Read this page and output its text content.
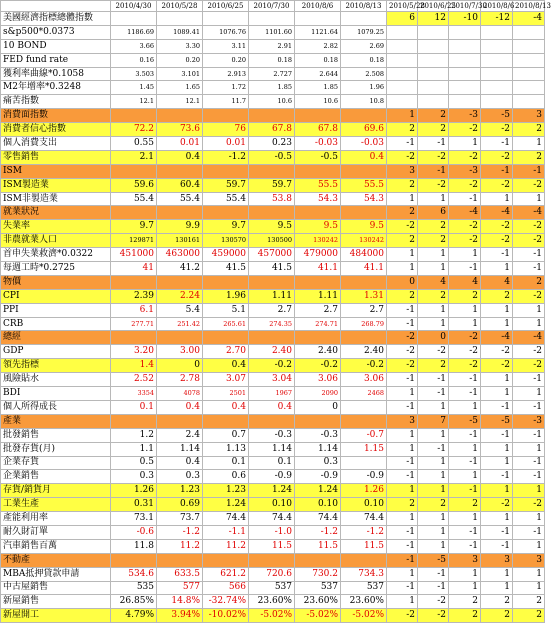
	2010/4/30	2010/5/28	2010/6/25	2010/7/30	2010/8/6	2010/8/13	2010/5/28	2010/6/25	2010/7/30	2010/8/6	2010/8/13
美國經濟指標總體指數							6	12	-10	-12	-4
s&p500*0.0373	1186.69	1089.41	1076.76	1101.60	1121.64	1079.25					
10 BOND	3.66	3.30	3.11	2.91	2.82	2.69					
FED fund rate	0.16	0.20	0.20	0.18	0.18	0.18					
獲利率曲線*0.1058	3.503	3.101	2.913	2.727	2.644	2.508					
M2年增率*0.3248	1.45	1.65	1.72	1.85	1.85	1.96					
痛苦指數	12.1	12.1	11.7	10.6	10.6	10.8					
消費面指數							1	2	-3	-5	3
消費者信心指數	72.2	73.6	76	67.8	67.8	69.6	2	2	-2	-2	2
個人消費支出	0.55	0.01	0.01	0.23	-0.03	-0.03	-1	-1	1	-1	1
零售銷售	2.1	0.4	-1.2	-0.5	-0.5	0.4	-2	-2	-2	-2	2
ISM							3	-1	-3	-1	-1
ISM製造業	59.6	60.4	59.7	59.7	55.5	55.5	2	-2	-2	-2	-2
ISM非製造業	55.4	55.4	55.4	53.8	54.3	54.3	1	1	-1	1	1
就業狀況							2	6	-4	-4	-4
失業率	9.7	9.9	9.7	9.5	9.5	9.5	-2	2	-2	-2	-2
非農就業人口	129871	130161	130570	130500	130242	130242	2	2	-2	-2	-2
首申失業救濟*0.0322	451000	463000	459000	457000	479000	484000	1	1	1	-1	-1
每週工時*0.2725	41	41.2	41.5	41.5	41.1	41.1	1	1	-1	1	-1
物價							0	4	4	4	2
CPI	2.39	2.24	1.96	1.11	1.11	1.31	2	2	2	2	-2
PPI	6.1	5.4	5.1	2.7	2.7	2.7	-1	1	1	1	1
CRB	277.71	251.42	265.61	274.35	274.71	268.79	-1	1	1	1	1
總經							-2	0	-2	-4	-4
GDP	3.20	3.00	2.70	2.40	2.40	2.40	-2	-2	-2	-2	-2
領先指標	1.4	0	0.4	-0.2	-0.2	-0.2	-2	2	-2	-2	-2
風險貼水	2.52	2.78	3.07	3.04	3.06	3.06	-1	-1	-1	1	-1
BDI	3354	4078	2501	1967	2090	2468	1	-1	-1	1	1
個人所得成長	0.1	0.4	0.4	0.4	0		-1	1	1	-1	-1
產業							3	7	-5	-5	-3
批發銷售	1.2	2.4	0.7	-0.3	-0.3	-0.7	1	1	-1	-1	-1
批發存貨(月)	1.1	1.14	1.13	1.14	1.14	1.15	1	-1	1	1	1
企業存貨	0.5	0.4	0.1	0.1	0.3		-1	1	-1	1	-1
企業銷售	0.3	0.3	0.6	-0.9	-0.9	-0.9	-1	1	1	-1	-1
存貨/銷貨月	1.26	1.23	1.23	1.24	1.24	1.26	1	1	-1	1	1
工業生產	0.31	0.69	1.24	0.10	0.10	0.10	2	2	2	-2	-2
產能利用率	73.1	73.7	74.4	74.4	74.4	74.4	1	1	1	1	1
耐久財訂單	-0.6	-1.2	-1.1	-1.0	-1.2	-1.2	-1	1	-1	-1	-1
汽車銷售百萬	11.8	11.2	11.2	11.5	11.5	11.5	-1	1	-1	-1	1
不動產							-1	-5	3	3	3
MBA抵押貸款申請	534.6	633.5	621.2	720.6	730.2	734.3	1	-1	1	1	1
中古屋銷售	535	577	566	537	537	537	-1	-1	1	1	1
新屋銷售	26.85%	14.8%	-32.74%	23.60%	23.60%	23.60%	1	-2	2	2	2
新屋開工	4.79%	3.94%	-10.02%	-5.02%	-5.02%	-5.02%	-2	-2	2	2	2
